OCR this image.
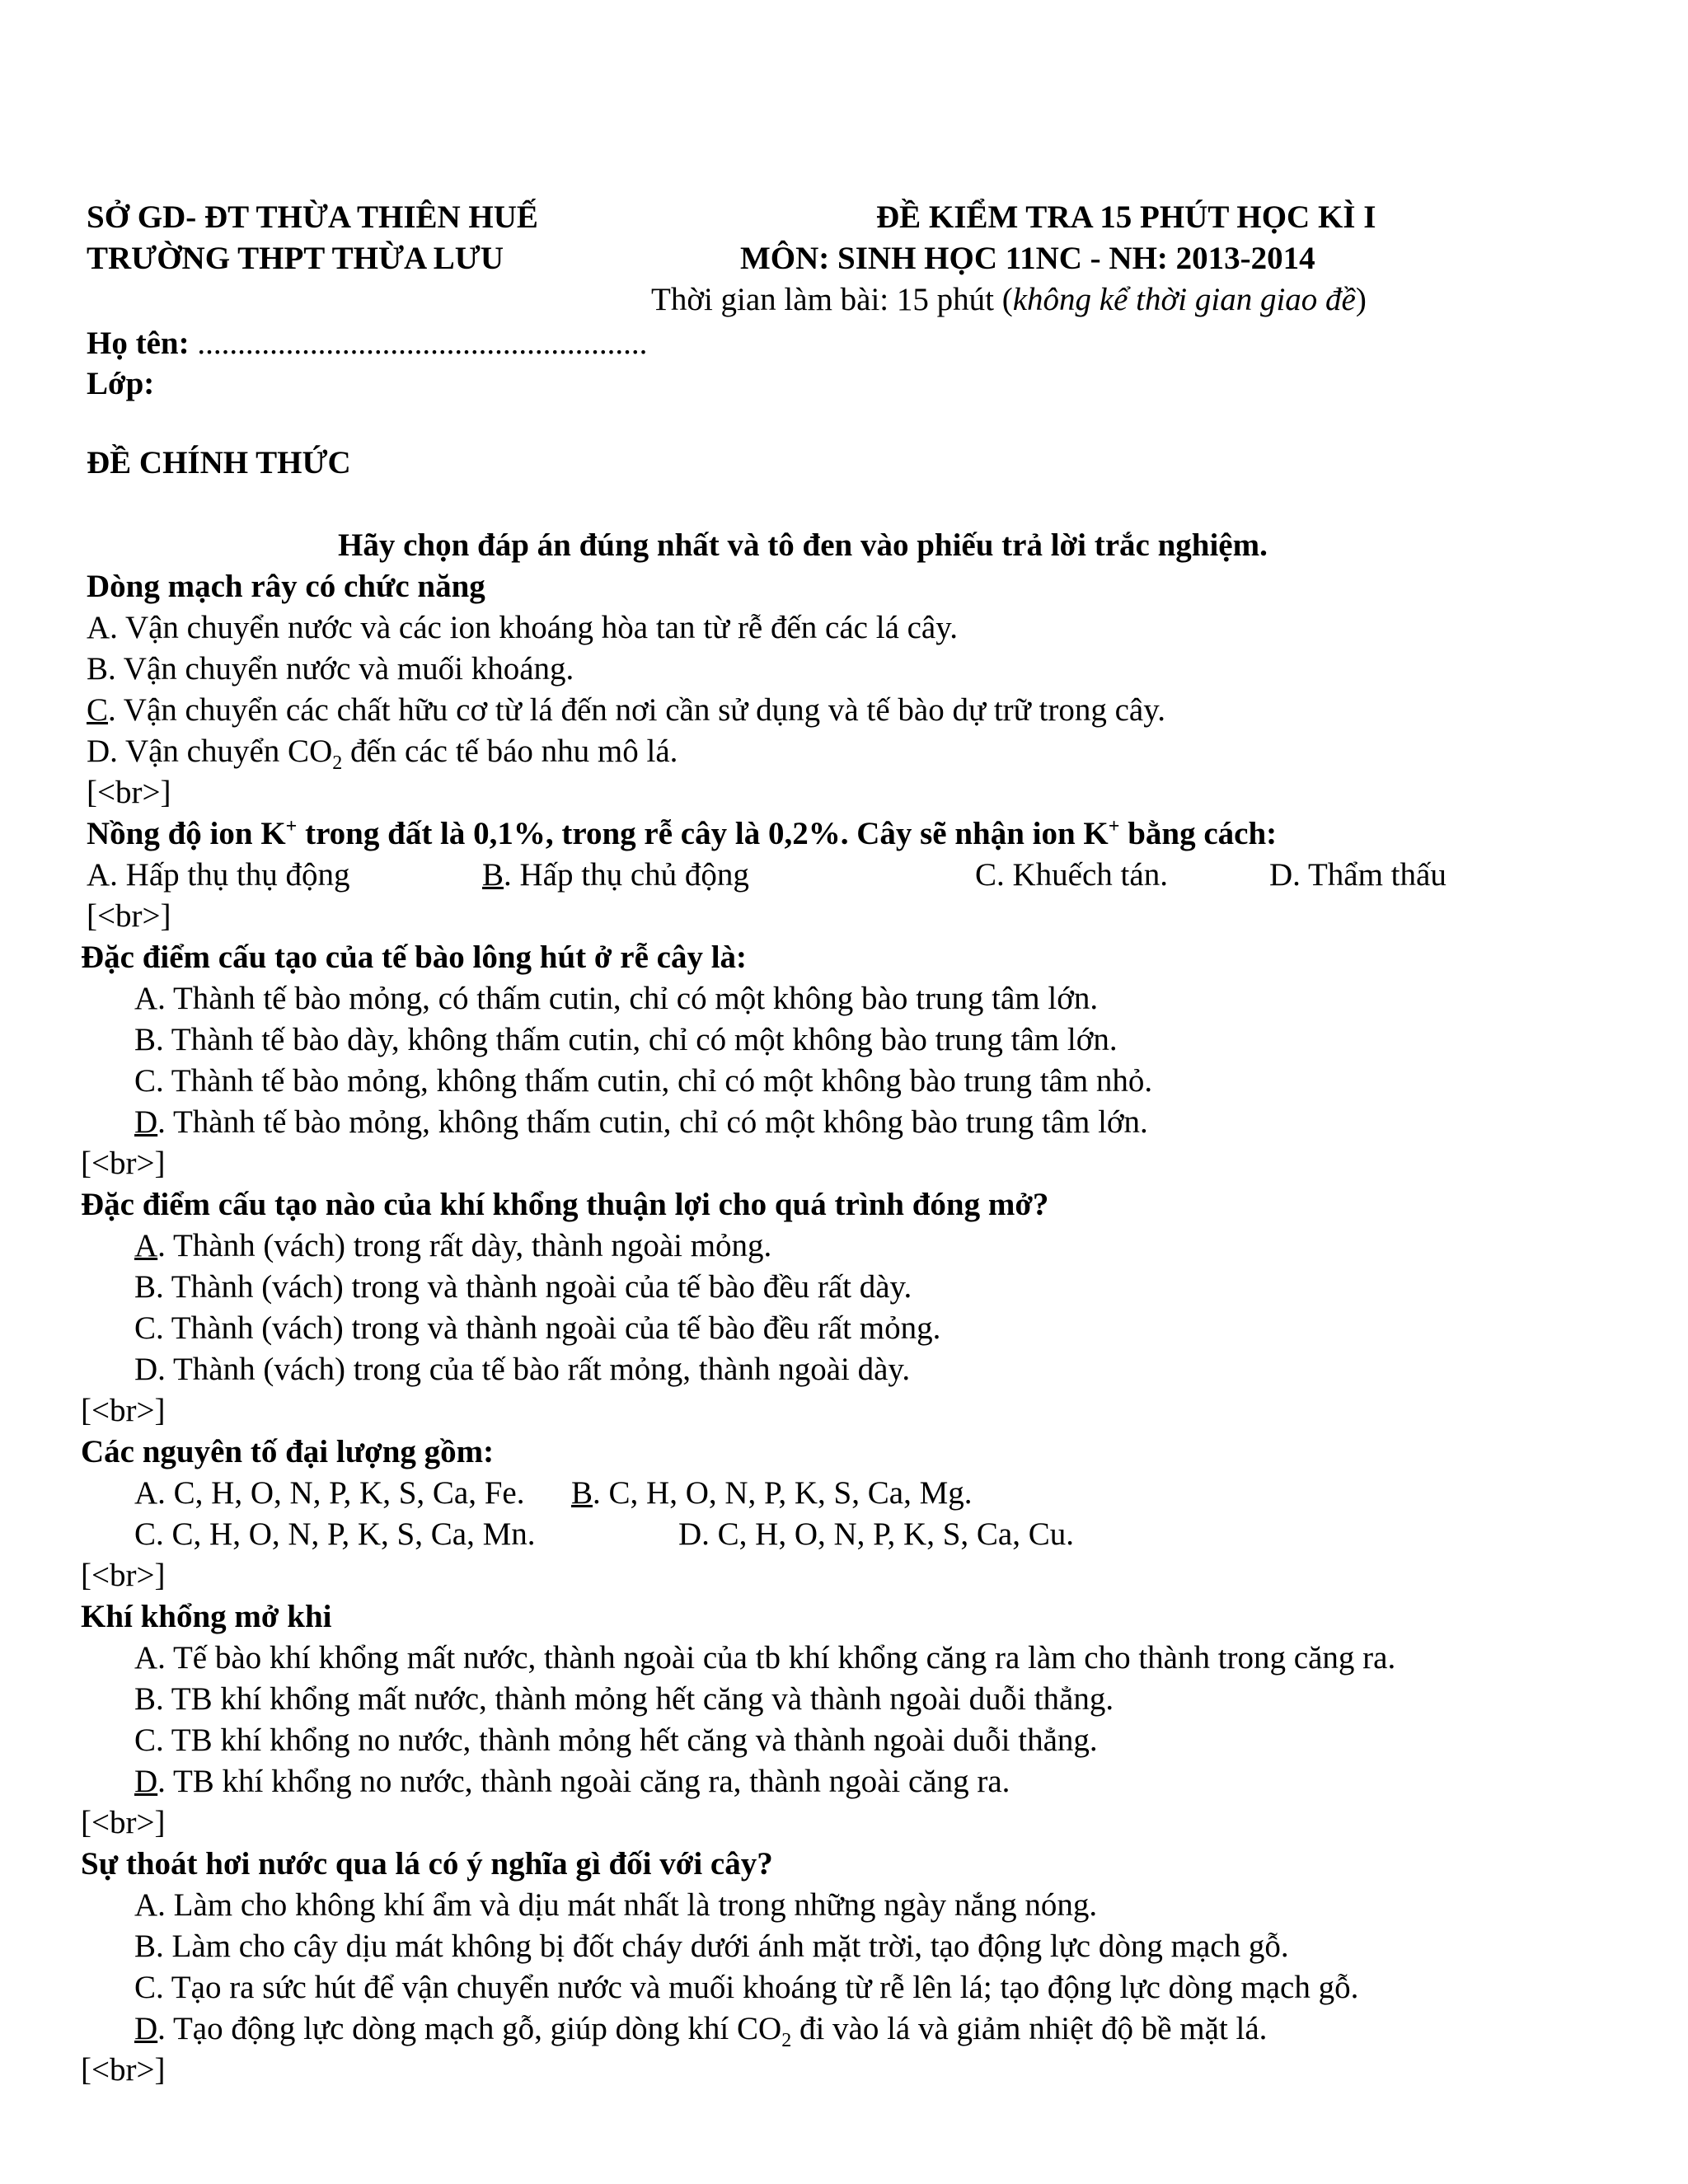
SỞ GD- ĐT THỪA THIÊN HUẾ
TRƯỜNG THPT THỪA LƯU
ĐỀ KIỂM TRA 15 PHÚT HỌC KÌ I
MÔN: SINH HỌC 11NC - NH: 2013-2014
Thời gian làm bài: 15 phút (không kể thời gian giao đề)
Họ tên: ........................................................
Lớp:
ĐỀ CHÍNH THỨC
Hãy chọn đáp án đúng nhất và tô đen vào phiếu trả lời trắc nghiệm.
Dòng mạch rây có chức năng
A. Vận chuyển nước và các ion khoáng hòa tan từ rễ đến các lá cây.
B. Vận chuyển nước và muối khoáng.
C. Vận chuyển các chất hữu cơ từ lá đến nơi cần sử dụng và tế bào dự trữ trong cây.
D. Vận chuyển $CO_2$ đến các tế báo nhu mô lá.
[<br>]
Nồng độ ion K+ trong đất là 0,1%, trong rễ cây là 0,2%. Cây sẽ nhận ion K+ bằng cách:
A. Hấp thụ thụ động	B. Hấp thụ chủ động	C. Khuếch tán.	D. Thẩm thấu
[<br>]
Đặc điểm cấu tạo của tế bào lông hút ở rễ cây là:
A. Thành tế bào mỏng, có thấm cutin, chỉ có một không bào trung tâm lớn.
B. Thành tế bào dày, không thấm cutin, chỉ có một không bào trung tâm lớn.
C. Thành tế bào mỏng, không thấm cutin, chỉ có một không bào trung tâm nhỏ.
D. Thành tế bào mỏng, không thấm cutin, chỉ có một không bào trung tâm lớn.
[<br>]
Đặc điểm cấu tạo nào của khí khổng thuận lợi cho quá trình đóng mở?
A. Thành (vách) trong rất dày, thành ngoài mỏng.
B. Thành (vách) trong và thành ngoài của tế bào đều rất dày.
C. Thành (vách) trong và thành ngoài của tế bào đều rất mỏng.
D. Thành (vách) trong của tế bào rất mỏng, thành ngoài dày.
[<br>]
Các nguyên tố đại lượng gồm:
A. C, H, O, N, P, K, S, Ca, Fe. B. C, H, O, N, P, K, S, Ca, Mg.
C. C, H, O, N, P, K, S, Ca, Mn.	D. C, H, O, N, P, K, S, Ca, Cu.
[<br>]
Khí khổng mở khi
A. Tế bào khí khổng mất nước, thành ngoài của tb khí khổng căng ra làm cho thành trong căng ra.
B. TB khí khổng mất nước, thành mỏng hết căng và thành ngoài duỗi thẳng.
C. TB khí khổng no nước, thành mỏng hết căng và thành ngoài duỗi thẳng.
D. TB khí khổng no nước, thành ngoài căng ra, thành ngoài căng ra.
[<br>]
Sự thoát hơi nước qua lá có ý nghĩa gì đối với cây?
A. Làm cho không khí ẩm và dịu mát nhất là trong những ngày nắng nóng.
B. Làm cho cây dịu mát không bị đốt cháy dưới ánh mặt trời, tạo động lực dòng mạch gỗ.
C. Tạo ra sức hút để vận chuyển nước và muối khoáng từ rễ lên lá; tạo động lực dòng mạch gỗ.
D. Tạo động lực dòng mạch gỗ, giúp dòng khí $CO_2$ đi vào lá và giảm nhiệt độ bề mặt lá.
[<br>]
